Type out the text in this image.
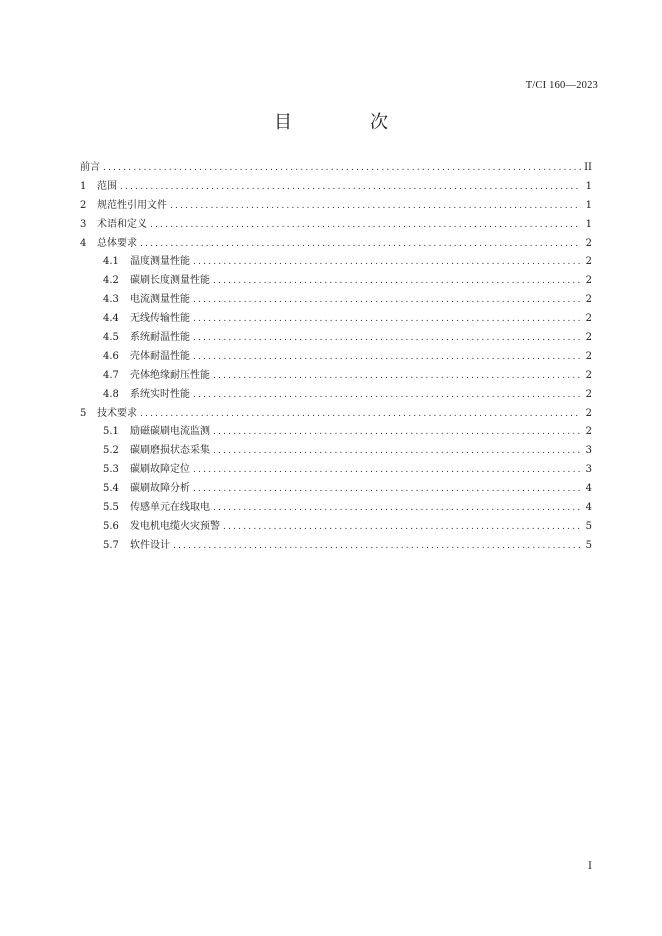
T/CI 160—2023
目　次
前言 .....	II
1	范围 .....	1
2	规范性引用文件 .....	1
3	术语和定义 .....	1
4	总体要求 .....	2
4.1	温度测量性能 .....	2
4.2	碳刷长度测量性能 .....	2
4.3	电流测量性能 .....	2
4.4	无线传输性能 .....	2
4.5	系统耐温性能 .....	2
4.6	壳体耐温性能 .....	2
4.7	壳体绝缘耐压性能 .....	2
4.8	系统实时性能 .....	2
5	技术要求 .....	2
5.1	励磁碳刷电流监测 .....	2
5.2	碳刷磨损状态采集 .....	3
5.3	碳刷故障定位 .....	3
5.4	碳刷故障分析 .....	4
5.5	传感单元在线取电 .....	4
5.6	发电机电缆火灾预警 .....	5
5.7	软件设计 .....	5
I
